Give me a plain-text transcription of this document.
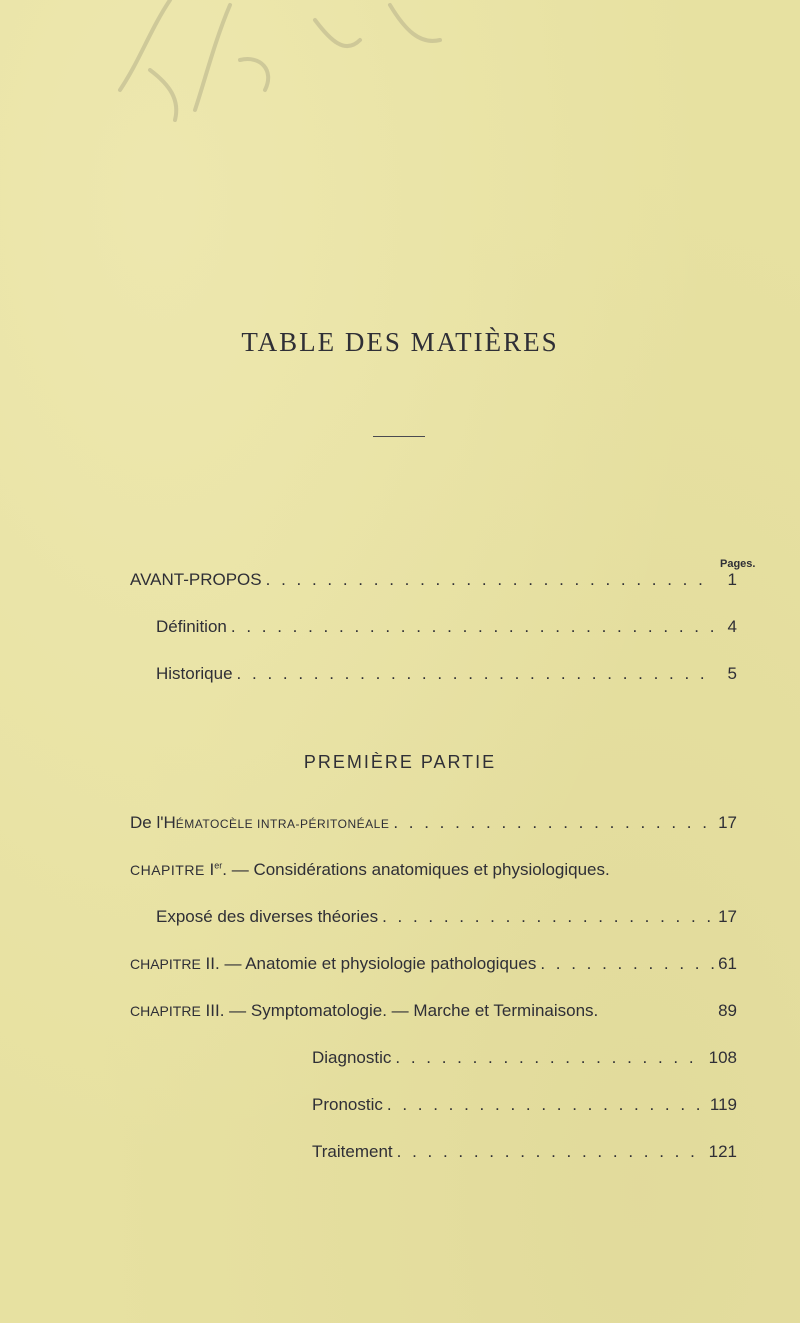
TABLE DES MATIÈRES
Pages.
AVANT-PROPOS . . .	1
Définition . . .	4
Historique . . .	5
PREMIÈRE PARTIE
De l'HÉMATOCÈLE INTRA-PÉRITONÉALE . . .	17
CHAPITRE Ier. — Considérations anatomiques et physiologiques.
Exposé des diverses théories . . .	17
CHAPITRE II. — Anatomie et physiologie pathologiques . . .	61
CHAPITRE III. — Symptomatologie. — Marche et Terminaisons.	89
Diagnostic . . .	108
Pronostic . . .	119
Traitement . . .	121
